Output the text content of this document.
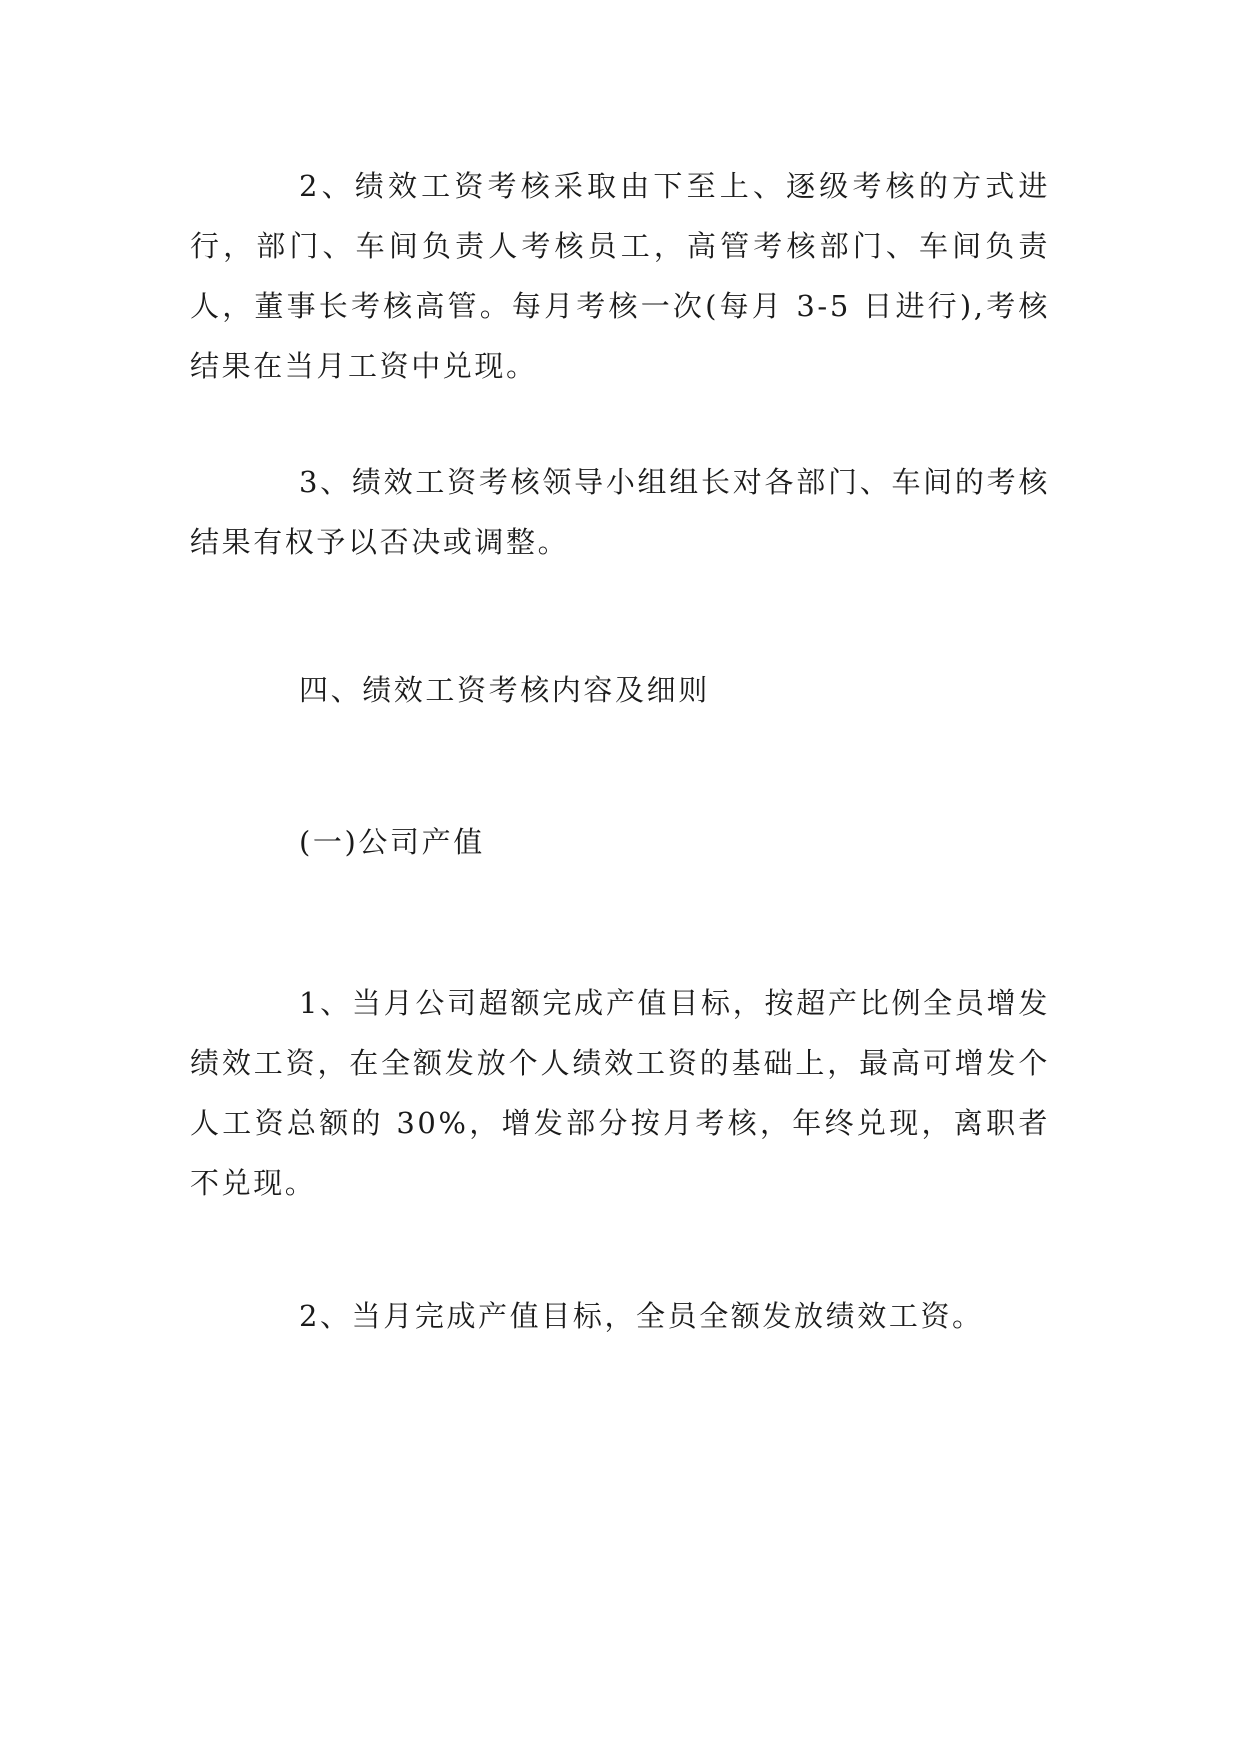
2、绩效工资考核采取由下至上、逐级考核的方式进行，部门、车间负责人考核员工，高管考核部门、车间负责人，董事长考核高管。每月考核一次(每月 3-5 日进行),考核结果在当月工资中兑现。

3、绩效工资考核领导小组组长对各部门、车间的考核结果有权予以否决或调整。

四、绩效工资考核内容及细则

(一)公司产值

1、当月公司超额完成产值目标，按超产比例全员增发绩效工资，在全额发放个人绩效工资的基础上，最高可增发个人工资总额的 30%，增发部分按月考核，年终兑现，离职者不兑现。

2、当月完成产值目标，全员全额发放绩效工资。
